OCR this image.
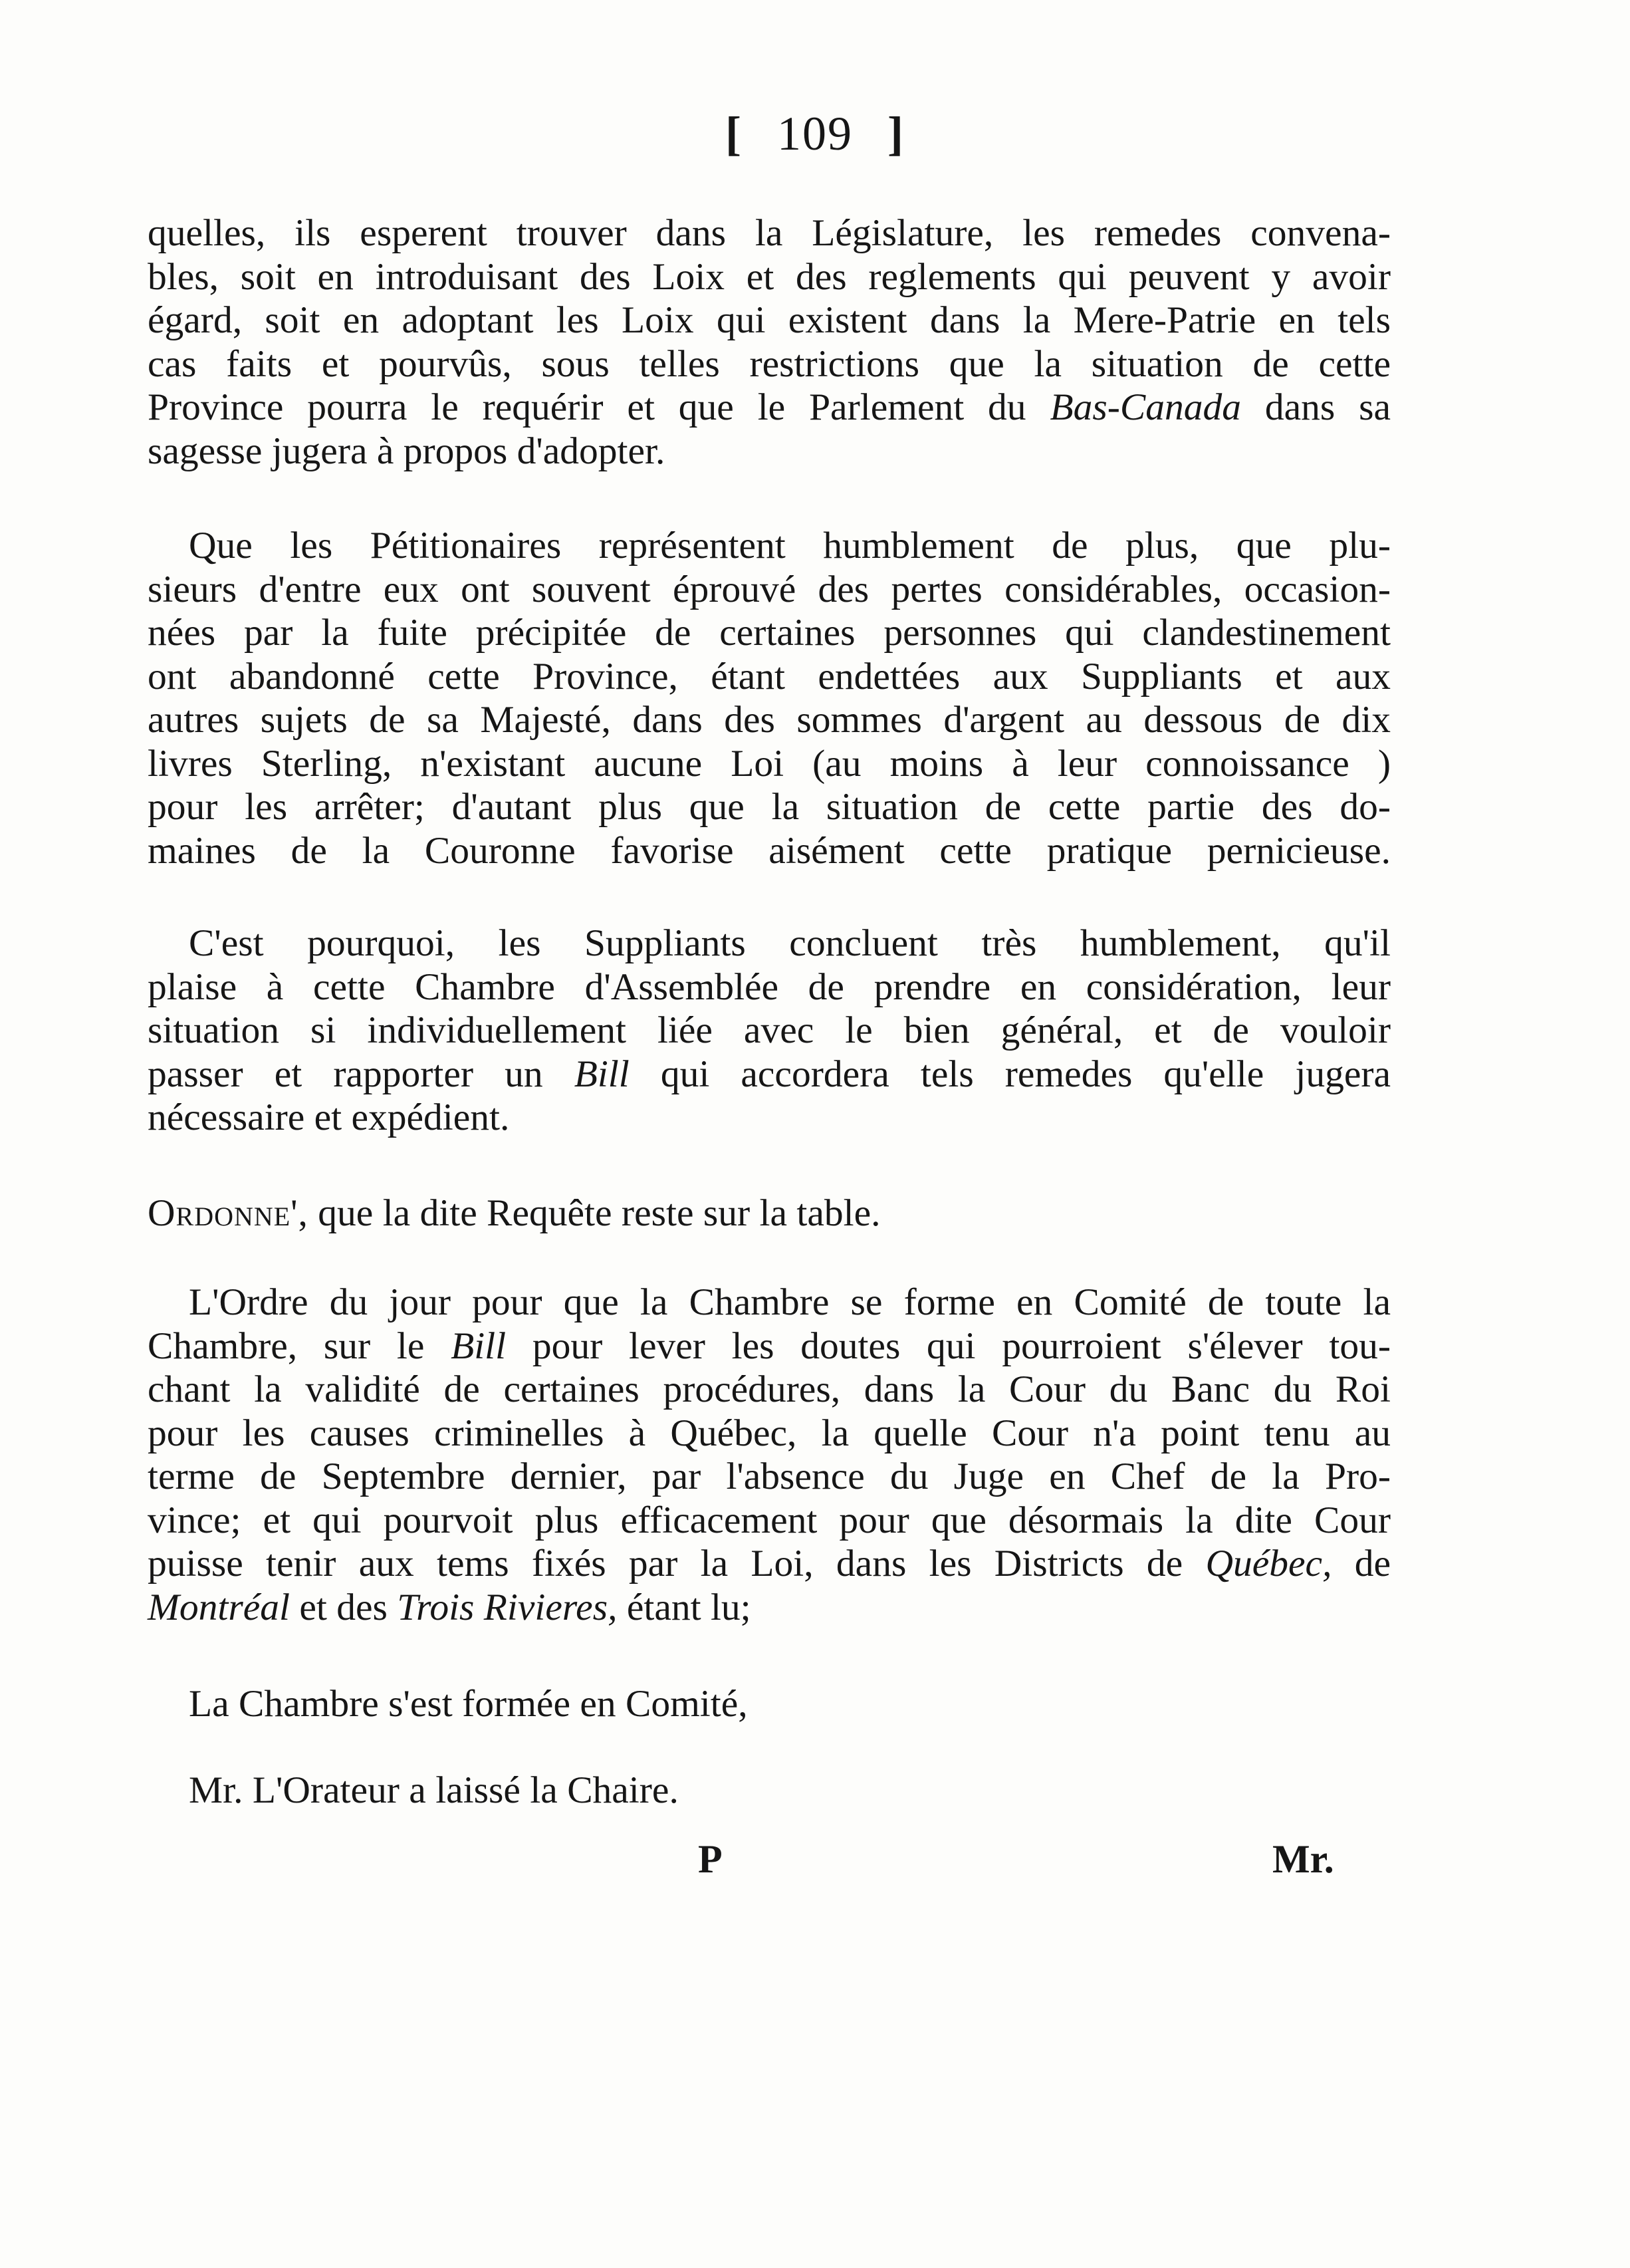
[ 109 ]
quelles, ils esperent trouver dans la Législature, les remedes convena-
bles, soit en introduisant des Loix et des reglements qui peuvent y avoir
égard, soit en adoptant les Loix qui existent dans la Mere-Patrie en tels
cas faits et pourvûs, sous telles restrictions que la situation de cette
Province pourra le requérir et que le Parlement du Bas-Canada dans sa
sagesse jugera à propos d'adopter.
Que les Pétitionaires représentent humblement de plus, que plu-
sieurs d'entre eux ont souvent éprouvé des pertes considérables, occasion-
nées par la fuite précipitée de certaines personnes qui clandestinement
ont abandonné cette Province, étant endettées aux Suppliants et aux
autres sujets de sa Majesté, dans des sommes d'argent au dessous de dix
livres Sterling, n'existant aucune Loi (au moins à leur connoissance )
pour les arrêter; d'autant plus que la situation de cette partie des do-
maines de la Couronne favorise aisément cette pratique pernicieuse.
C'est pourquoi, les Suppliants concluent très humblement, qu'il
plaise à cette Chambre d'Assemblée de prendre en considération, leur
situation si individuellement liée avec le bien général, et de vouloir
passer et rapporter un Bill qui accordera tels remedes qu'elle jugera
nécessaire et expédient.
Ordonne', que la dite Requête reste sur la table.
L'Ordre du jour pour que la Chambre se forme en Comité de toute la
Chambre, sur le Bill pour lever les doutes qui pourroient s'élever tou-
chant la validité de certaines procédures, dans la Cour du Banc du Roi
pour les causes criminelles à Québec, la quelle Cour n'a point tenu au
terme de Septembre dernier, par l'absence du Juge en Chef de la Pro-
vince; et qui pourvoit plus efficacement pour que désormais la dite Cour
puisse tenir aux tems fixés par la Loi, dans les Districts de Québec, de
Montréal et des Trois Rivieres, étant lu;
La Chambre s'est formée en Comité,
Mr. L'Orateur a laissé la Chaire.
P	Mr.
